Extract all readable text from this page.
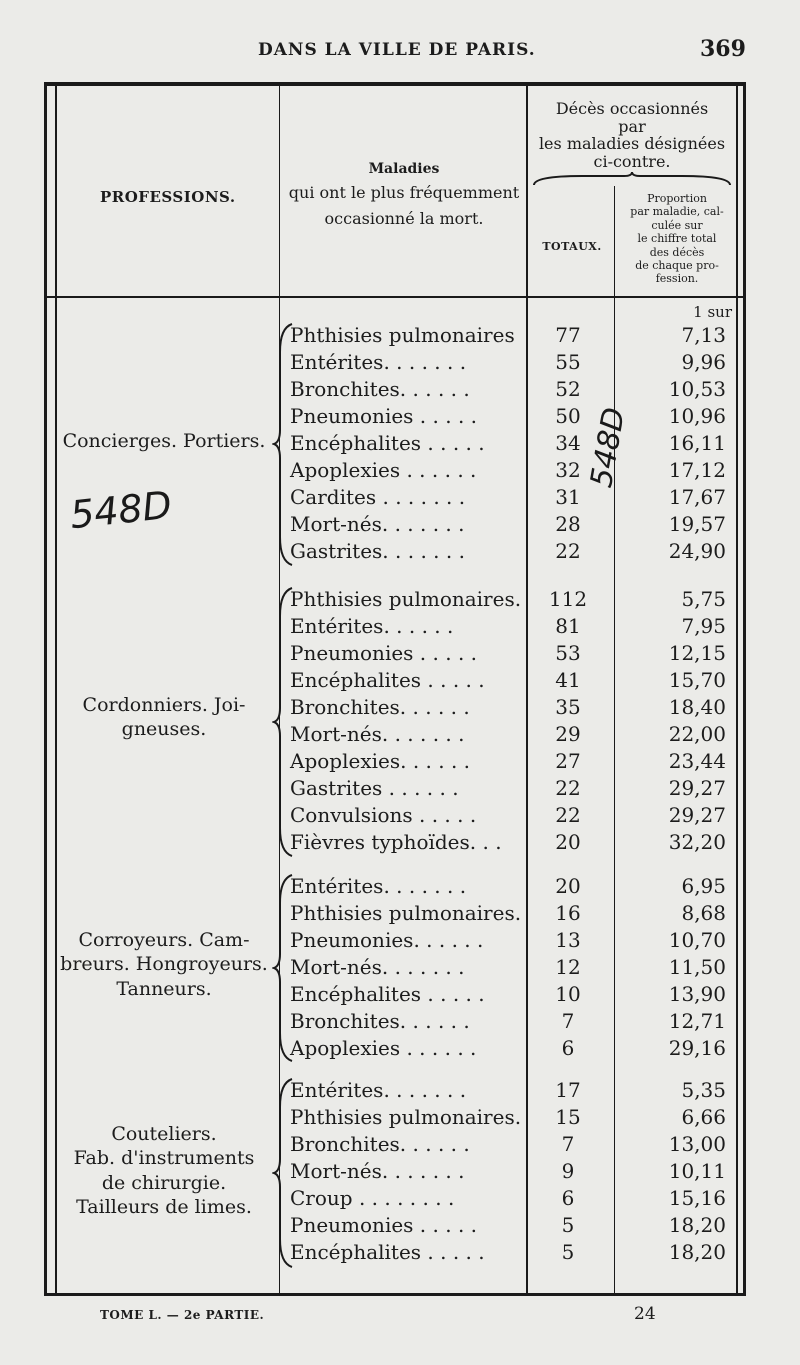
DANS LA VILLE DE PARIS.	369
PROFESSIONS.
Maladies
qui ont le plus fréquemment
occasionné la mort.
Décès occasionnés
par
les maladies désignées
ci-contre.
TOTAUX.
Proportion
par maladie, cal-
culée sur
le chiffre total
des décès
de chaque pro-
fession.
1 sur
Concierges. Portiers.
Phthisies pulmonaires	77	7,13
Entérites. . . . . . .	55	9,96
Bronchites. . . . . .	52	10,53
Pneumonies . . . . .	50	10,96
Encéphalites . . . . .	34	16,11
Apoplexies . . . . . .	32	17,12
Cardites . . . . . . .	31	17,67
Mort-nés. . . . . . .	28	19,57
Gastrites. . . . . . .	22	24,90
Cordonniers. Joi-
gneuses.
Phthisies pulmonaires.	112	5,75
Entérites. . . . . .	81	7,95
Pneumonies . . . . .	53	12,15
Encéphalites . . . . .	41	15,70
Bronchites. . . . . .	35	18,40
Mort-nés. . . . . . .	29	22,00
Apoplexies. . . . . .	27	23,44
Gastrites . . . . . .	22	29,27
Convulsions . . . . .	22	29,27
Fièvres typhoïdes. . .	20	32,20
Corroyeurs. Cam-
breurs. Hongroyeurs.
Tanneurs.
Entérites. . . . . . .	20	6,95
Phthisies pulmonaires.	16	8,68
Pneumonies. . . . . .	13	10,70
Mort-nés. . . . . . .	12	11,50
Encéphalites . . . . .	10	13,90
Bronchites. . . . . .	7	12,71
Apoplexies . . . . . .	6	29,16
Couteliers.
Fab. d'instruments
de chirurgie.
Tailleurs de limes.
Entérites. . . . . . .	17	5,35
Phthisies pulmonaires.	15	6,66
Bronchites. . . . . .	7	13,00
Mort-nés. . . . . . .	9	10,11
Croup . . . . . . . .	6	15,16
Pneumonies . . . . .	5	18,20
Encéphalites . . . . .	5	18,20
548D
548D
TOME L. — 2e PARTIE.	24
